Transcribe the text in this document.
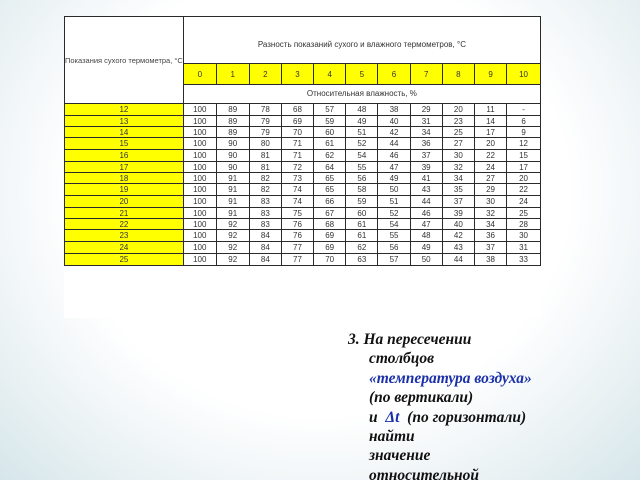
Показания сухого термометра, °C	Разность показаний сухого и влажного термометров, °C										

	0	1	2	3	4	5	6	7	8	9	10

	Относительная влажность, %										

12	100	89	78	68	57	48	38	29	20	11	-
13	100	89	79	69	59	49	40	31	23	14	6
14	100	89	79	70	60	51	42	34	25	17	9
15	100	90	80	71	61	52	44	36	27	20	12
16	100	90	81	71	62	54	46	37	30	22	15
17	100	90	81	72	64	55	47	39	32	24	17
18	100	91	82	73	65	56	49	41	34	27	20
19	100	91	82	74	65	58	50	43	35	29	22
20	100	91	83	74	66	59	51	44	37	30	24
21	100	91	83	75	67	60	52	46	39	32	25
22	100	92	83	76	68	61	54	47	40	34	28
23	100	92	84	76	69	61	55	48	42	36	30
24	100	92	84	77	69	62	56	49	43	37	31
25	100	92	84	77	70	63	57	50	44	38	33
3. На пересечении
столбцов
«температура воздуха»
(по вертикали)
и Δt (по горизонтали)
найти
значение
относительной
